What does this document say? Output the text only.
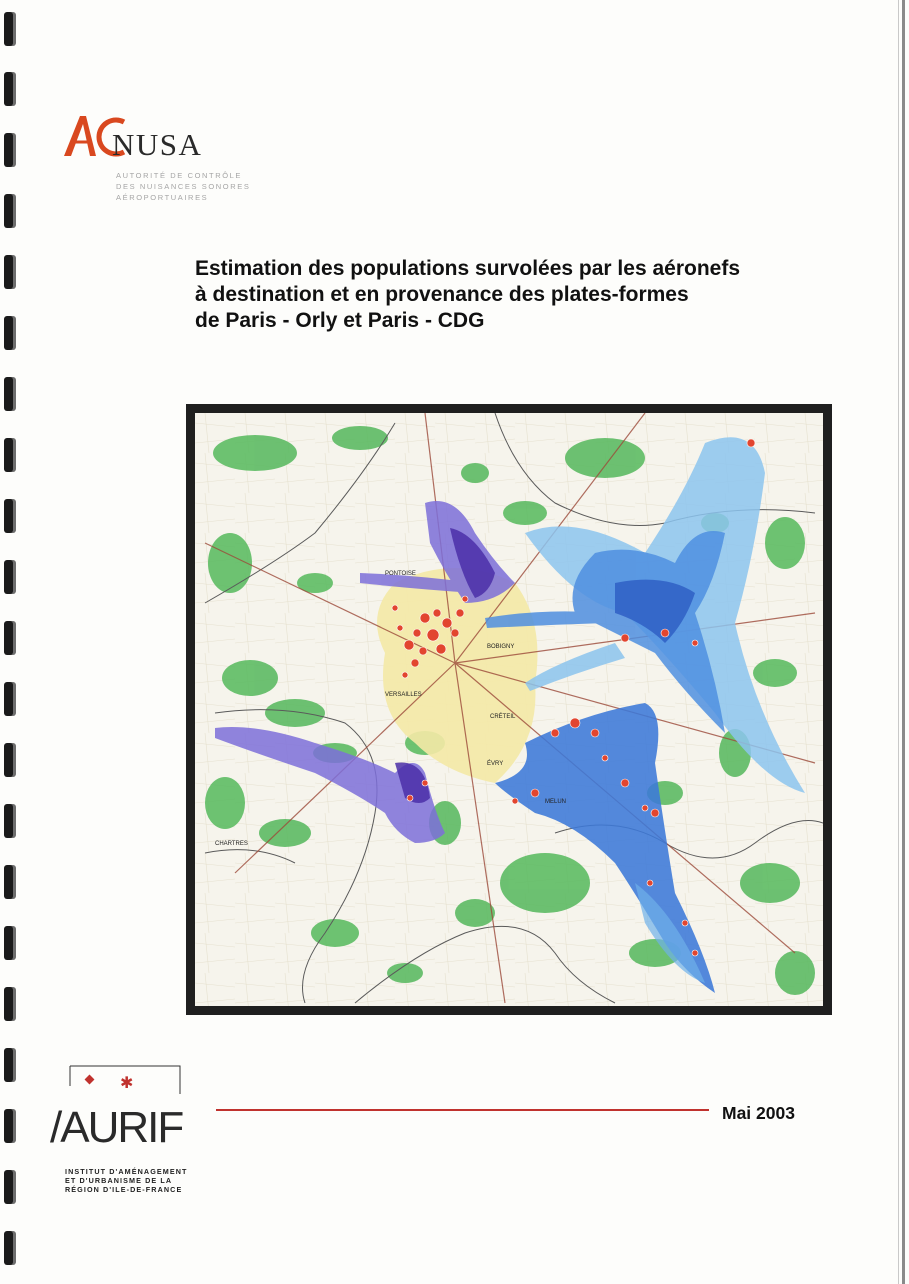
NUSA
AUTORITÉ DE CONTRÔLE
DES NUISANCES SONORES
AÉROPORTUAIRES
Estimation des populations survolées par les aéronefs
à destination et en provenance des plates-formes
de Paris - Orly et Paris - CDG
PONTOISE
BOBIGNY
VERSAILLES
CRÉTEIL
ÉVRY
MELUN
CHARTRES
✱
/AURIF
INSTITUT D'AMÉNAGEMENT
ET D'URBANISME DE LA
RÉGION D'ILE-DE-FRANCE
Mai 2003
